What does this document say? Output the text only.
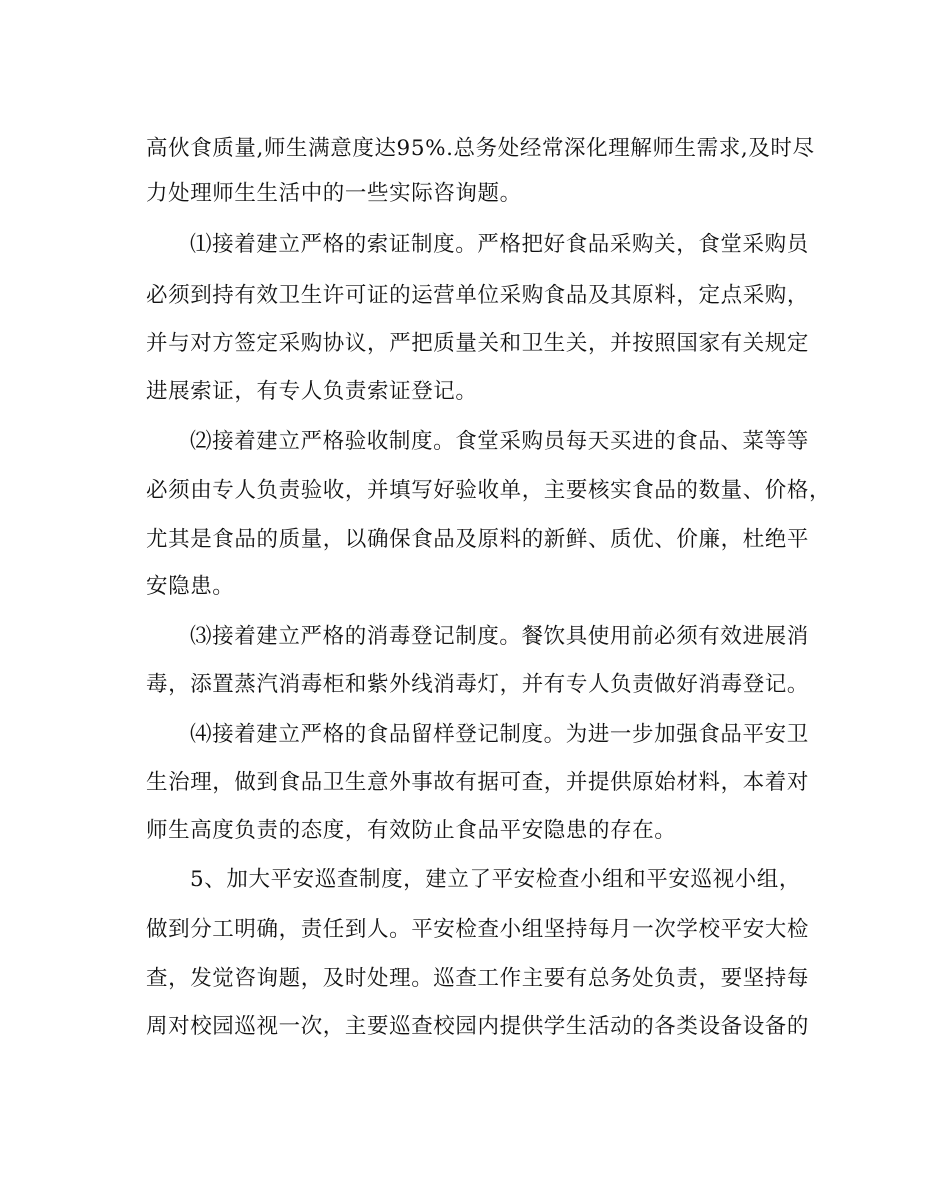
高伙食质量,师生满意度达95%.总务处经常深化理解师生需求,及时尽
力处理师生生活中的一些实际咨询题。
⑴接着建立严格的索证制度。严格把好食品采购关，食堂采购员
必须到持有效卫生许可证的运营单位采购食品及其原料，定点采购，
并与对方签定采购协议，严把质量关和卫生关，并按照国家有关规定
进展索证，有专人负责索证登记。
⑵接着建立严格验收制度。食堂采购员每天买进的食品、菜等等
必须由专人负责验收，并填写好验收单，主要核实食品的数量、价格，
尤其是食品的质量，以确保食品及原料的新鲜、质优、价廉，杜绝平
安隐患。
⑶接着建立严格的消毒登记制度。餐饮具使用前必须有效进展消
毒，添置蒸汽消毒柜和紫外线消毒灯，并有专人负责做好消毒登记。
⑷接着建立严格的食品留样登记制度。为进一步加强食品平安卫
生治理，做到食品卫生意外事故有据可查，并提供原始材料，本着对
师生高度负责的态度，有效防止食品平安隐患的存在。
5、加大平安巡查制度，建立了平安检查小组和平安巡视小组，
做到分工明确，责任到人。平安检查小组坚持每月一次学校平安大检
查，发觉咨询题，及时处理。巡查工作主要有总务处负责，要坚持每
周对校园巡视一次，主要巡查校园内提供学生活动的各类设备设备的
